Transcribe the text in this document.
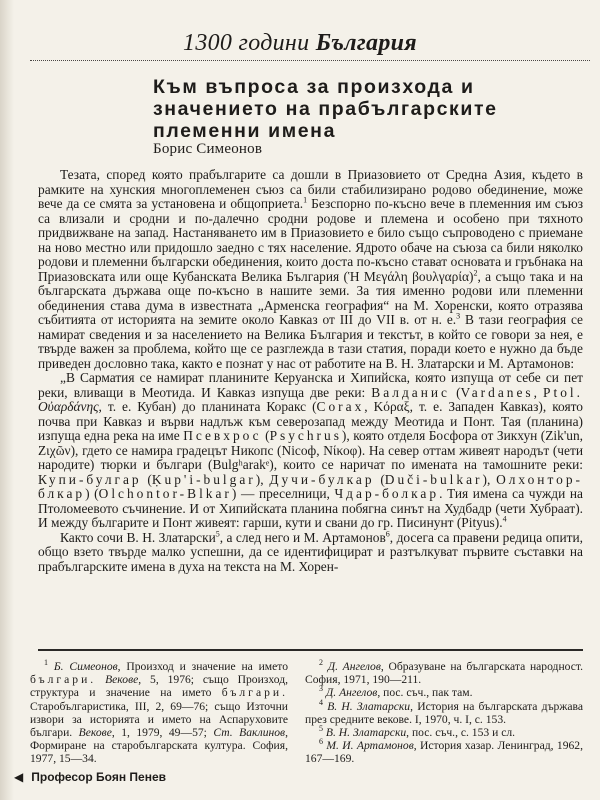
1300 години България
Към въпроса за произхода и значението на прабългарските племенни имена
Борис Симеонов

Тезата, според която прабългарите са дошли в Приазовието от Средна Азия, където в рамките на хунския многоплеменен съюз са били стабилизирано родово обединение, може вече да се смята за установена и общоприета.$^1$ Безспорно по-късно вече в племенния им съюз са влизали и сродни и по-далечно сродни родове и племена и особено при тяхното придвижване на запад. Настаняването им в Приазовието е било също съпроводено с приемане на ново местно или придошло заедно с тях население. Ядрото обаче на съюза са били няколко родови и племенни български обединения, които доста по-късно стават основата и гръбнака на Приазовската или още Кубанската Велика България (Ἡ Μεγάλη βουλγαρία)$^2$, а също така и на българската държава още по-късно в нашите земи. За тия именно родови или племенни обединения става дума в известната „Арменска география“ на М. Хоренски, която отразява събитията от историята на земите около Кавказ от III до VII в. от н. е.$^3$ В тази география се намират сведения и за населението на Велика България и текстът, в който се говори за нея, е твърде важен за проблема, който ще се разглежда в тази статия, поради което е нужно да бъде приведен дословно така, както е познат у нас от работите на В. Н. Златарски и М. Артамонов:

„В Сарматия се намират планините Керуанска и Хипийска, която изпуща от себе си пет реки, вливащи в Меотида. И Кавказ изпуща две реки: Валданис (Vardanes, Ptol. Οὐαρδάνης, т. е. Кубан) до планината Коракс (Corax, Κόραξ, т. е. Западен Кавказ), която почва при Кавказ и върви надлъж към северозапад между Меотида и Понт. Тая (планина) изпуща една река на име Псевхрос (Psychrus), която отделя Босфора от Зикхун (Zik'un, Ζιχῶν), гдето се намира градецът Никопс (Nicoф, Νίκοφ). На север оттам живеят народът (чети народите) тюрки и българи (Bulgʰarakᵉ), които се наричат по имената на тамошните реки: Купи-булгар (Ḳup'i-bulgar), Дучи-булкар (Duči-bulkar), Олхонтор-блкар) (Olchontor-Blkar) — преселници, Чдар-болкар. Тия имена са чужди на Птоломеевото съчинение. И от Хипийската планина побягна синът на Худбадр (чети Хубраат). И между българите и Понт живеят: гарши, кути и свани до гр. Писинунт (Pityus).$^4$

Както сочи В. Н. Златарски$^5$, а след него и М. Артамонов$^6$, досега са правени редица опити, общо взето твърде малко успешни, да се идентифицират и разтълкуват първите съставки на прабългарските имена в духа на текста на М. Хорен-

$^1$ Б. Симеонов, Произход и значение на името българи. Векове, 5, 1976; също Произход, структура и значение на името българи. Старобългаристика, III, 2, 69—76; също Източни извори за историята и името на Аспаруховите българи. Векове, 1, 1979, 49—57; Ст. Ваклинов, Формиране на старобългарската култура. София, 1977, 15—34.

$^2$ Д. Ангелов, Образуване на българската народност. София, 1971, 190—211.

$^3$ Д. Ангелов, пос. съч., пак там.

$^4$ В. Н. Златарски, История на българската държава през средните векове. I, 1970, ч. I, с. 153.

$^5$ В. Н. Златарски, пос. съч., с. 153 и сл.

$^6$ М. И. Артамонов, История хазар. Ленинград, 1962, 167—169.

◀ Професор Боян Пенев
